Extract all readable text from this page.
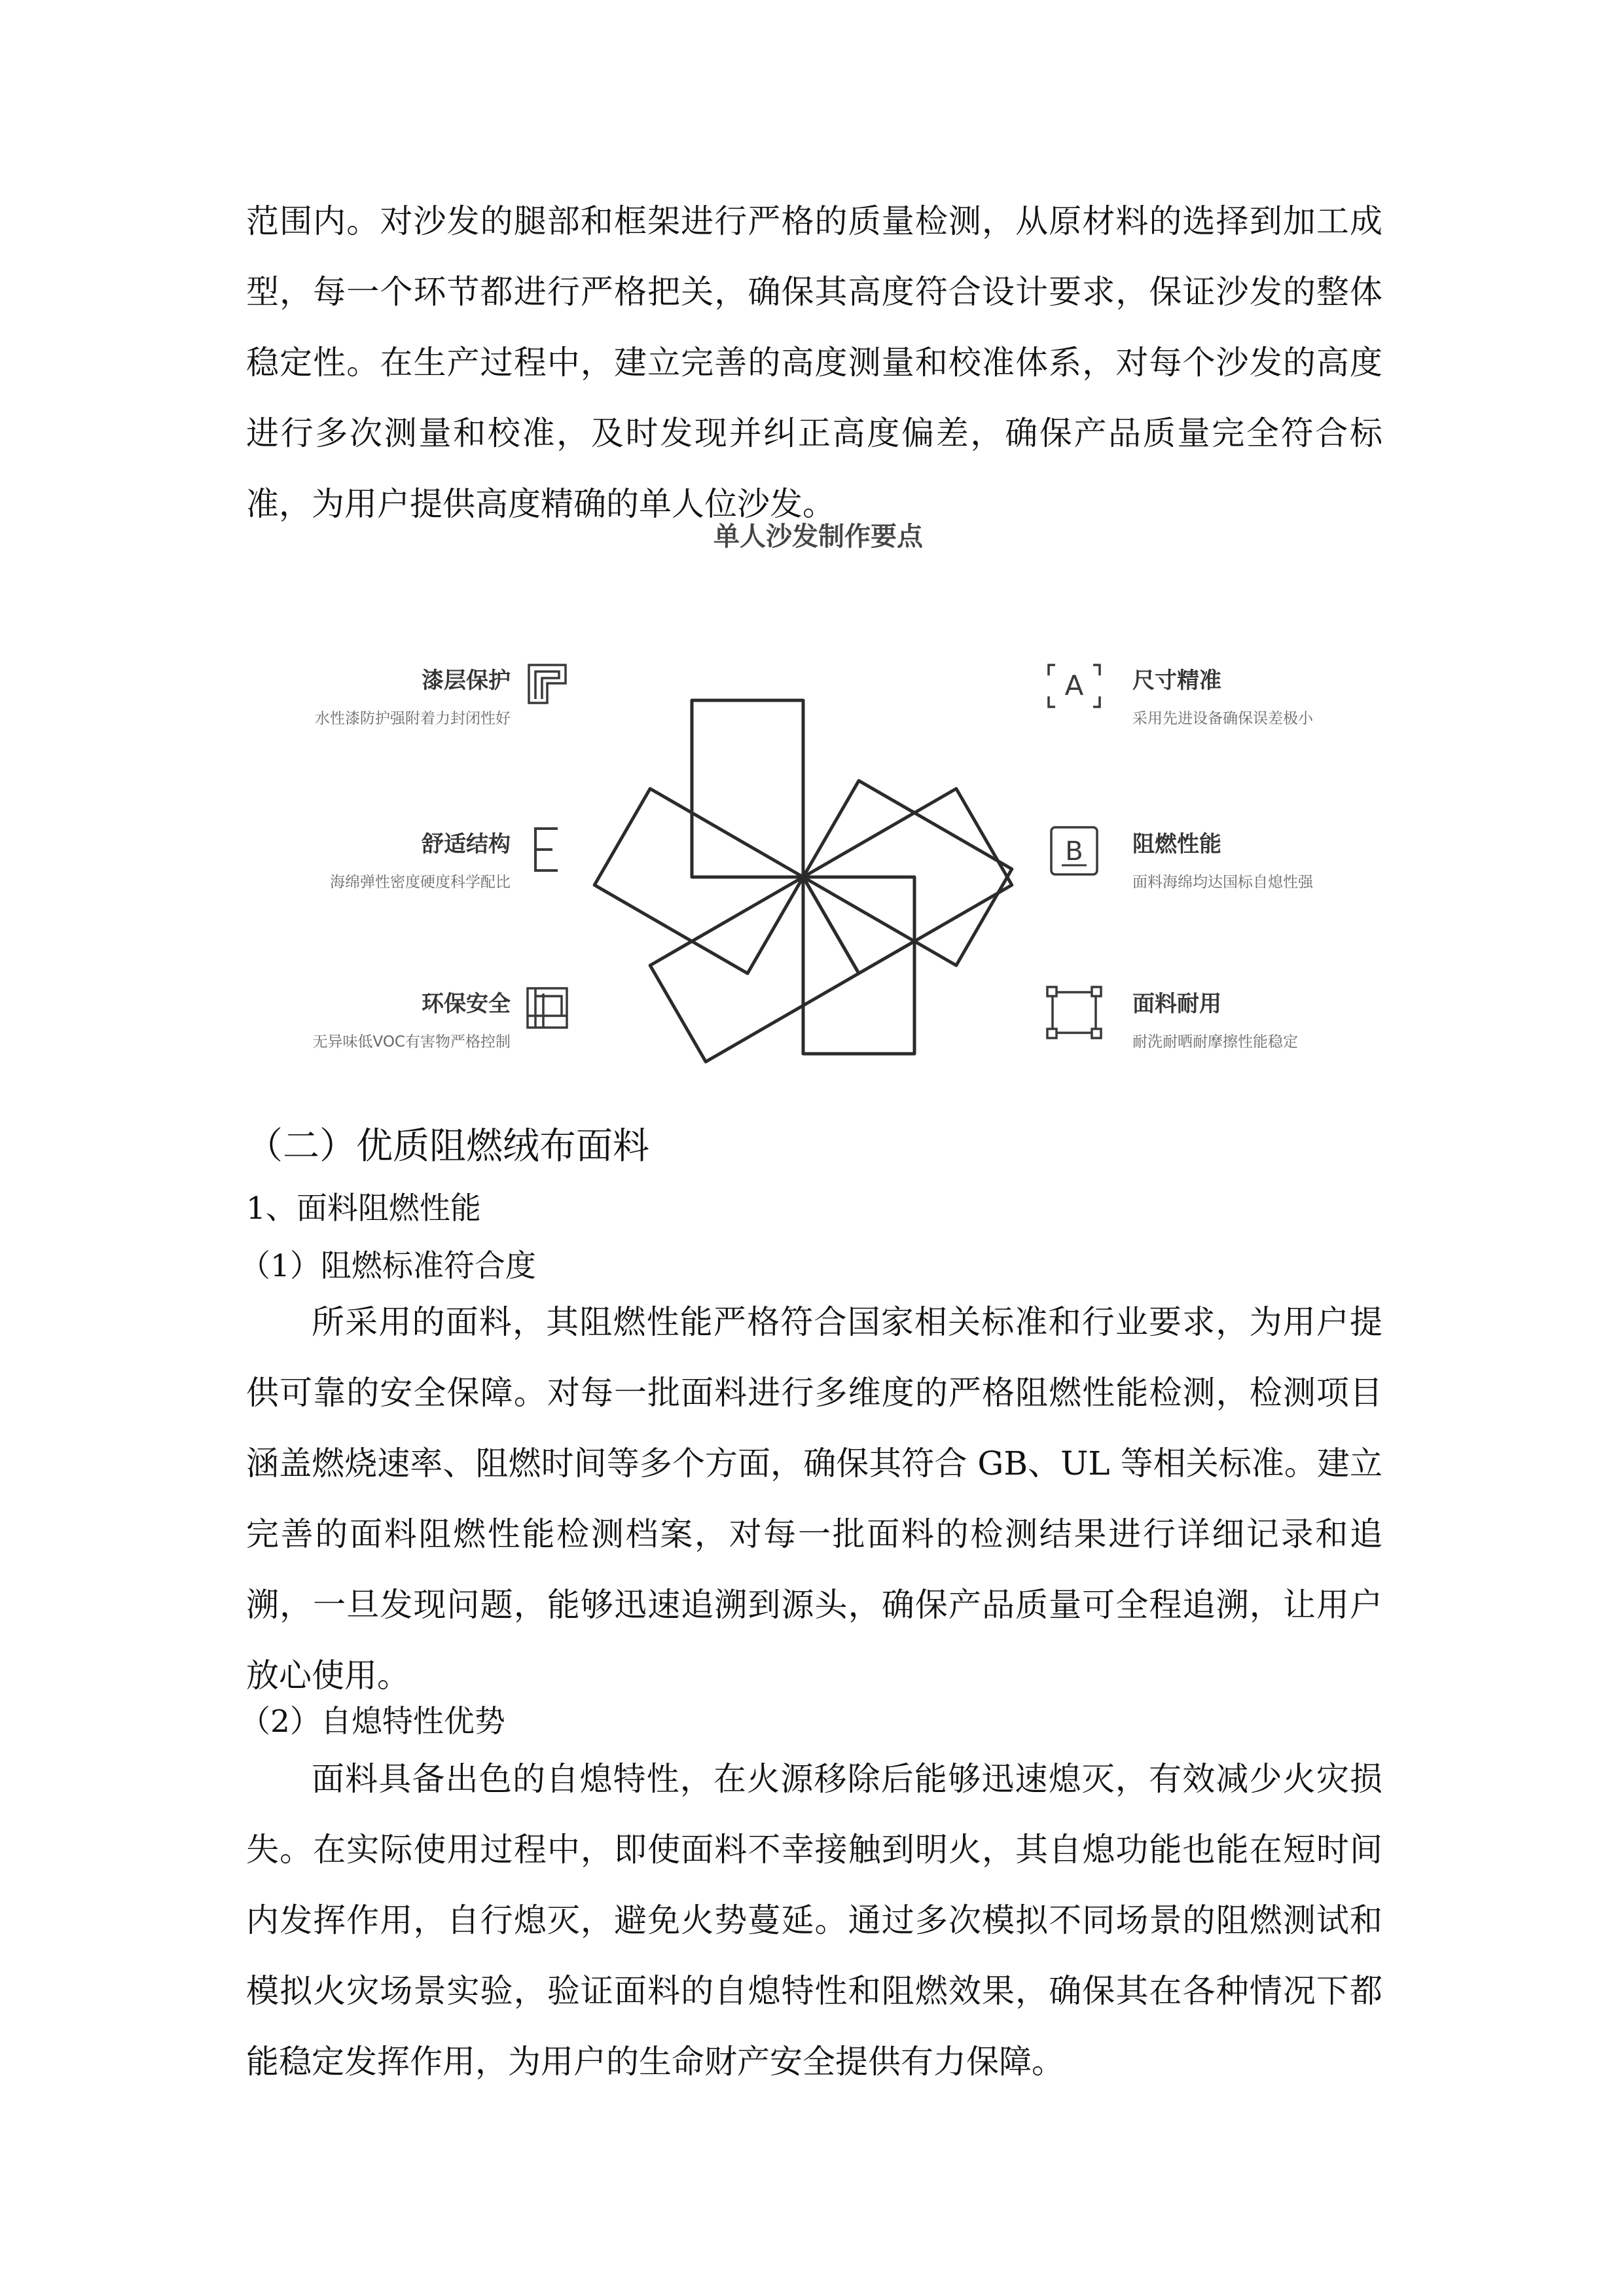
范围内。对沙发的腿部和框架进行严格的质量检测，从原材料的选择到加工成型，每一个环节都进行严格把关，确保其高度符合设计要求，保证沙发的整体稳定性。在生产过程中，建立完善的高度测量和校准体系，对每个沙发的高度进行多次测量和校准，及时发现并纠正高度偏差，确保产品质量完全符合标准，为用户提供高度精确的单人位沙发。

单人沙发制作要点

漆层保护
水性漆防护强附着力封闭性好
舒适结构
海绵弹性密度硬度科学配比
环保安全
无异味低VOC有害物严格控制
A 尺寸精准
采用先进设备确保误差极小
B 阻燃性能
面料海绵均达国标自熄性强
面料耐用
耐洗耐晒耐摩擦性能稳定

（二）优质阻燃绒布面料

1、面料阻燃性能

（1）阻燃标准符合度

所采用的面料，其阻燃性能严格符合国家相关标准和行业要求，为用户提供可靠的安全保障。对每一批面料进行多维度的严格阻燃性能检测，检测项目涵盖燃烧速率、阻燃时间等多个方面，确保其符合 GB、UL 等相关标准。建立完善的面料阻燃性能检测档案，对每一批面料的检测结果进行详细记录和追溯，一旦发现问题，能够迅速追溯到源头，确保产品质量可全程追溯，让用户放心使用。

（2）自熄特性优势

面料具备出色的自熄特性，在火源移除后能够迅速熄灭，有效减少火灾损失。在实际使用过程中，即使面料不幸接触到明火，其自熄功能也能在短时间内发挥作用，自行熄灭，避免火势蔓延。通过多次模拟不同场景的阻燃测试和模拟火灾场景实验，验证面料的自熄特性和阻燃效果，确保其在各种情况下都能稳定发挥作用，为用户的生命财产安全提供有力保障。
